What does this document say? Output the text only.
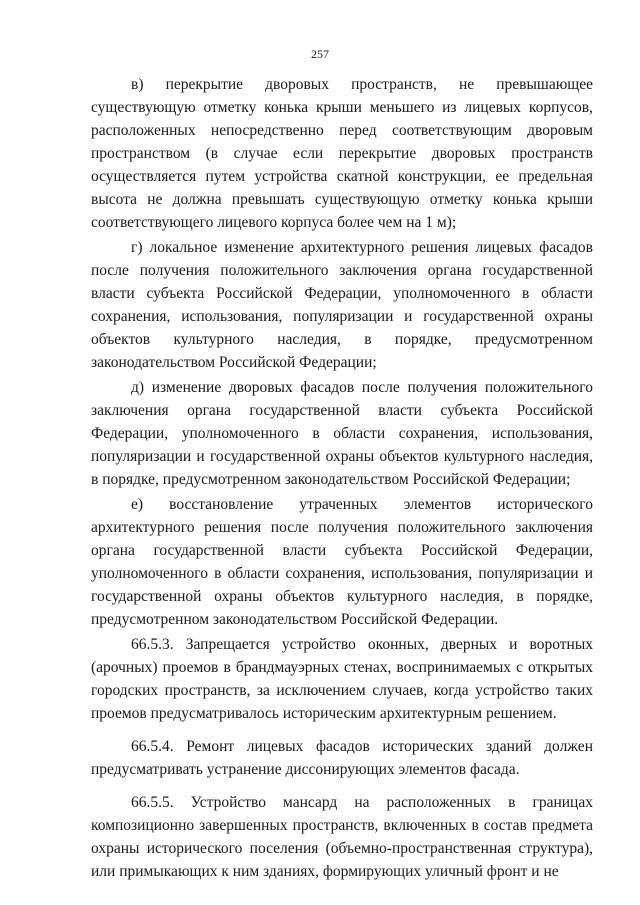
257

в) перекрытие дворовых пространств, не превышающее существующую отметку конька крыши меньшего из лицевых корпусов, расположенных непосредственно перед соответствующим дворовым пространством (в случае если перекрытие дворовых пространств осуществляется путем устройства скатной конструкции, ее предельная высота не должна превышать существующую отметку конька крыши соответствующего лицевого корпуса более чем на 1 м);

г) локальное изменение архитектурного решения лицевых фасадов после получения положительного заключения органа государственной власти субъекта Российской Федерации, уполномоченного в области сохранения, использования, популяризации и государственной охраны объектов культурного наследия, в порядке, предусмотренном законодательством Российской Федерации;

д) изменение дворовых фасадов после получения положительного заключения органа государственной власти субъекта Российской Федерации, уполномоченного в области сохранения, использования, популяризации и государственной охраны объектов культурного наследия, в порядке, предусмотренном законодательством Российской Федерации;

е) восстановление утраченных элементов исторического архитектурного решения после получения положительного заключения органа государственной власти субъекта Российской Федерации, уполномоченного в области сохранения, использования, популяризации и государственной охраны объектов культурного наследия, в порядке, предусмотренном законодательством Российской Федерации.

66.5.3. Запрещается устройство оконных, дверных и воротных (арочных) проемов в брандмауэрных стенах, воспринимаемых с открытых городских пространств, за исключением случаев, когда устройство таких проемов предусматривалось историческим архитектурным решением.

66.5.4. Ремонт лицевых фасадов исторических зданий должен предусматривать устранение диссонирующих элементов фасада.

66.5.5. Устройство мансард на расположенных в границах композиционно завершенных пространств, включенных в состав предмета охраны исторического поселения (объемно-пространственная структура), или примыкающих к ним зданиях, формирующих уличный фронт и не
